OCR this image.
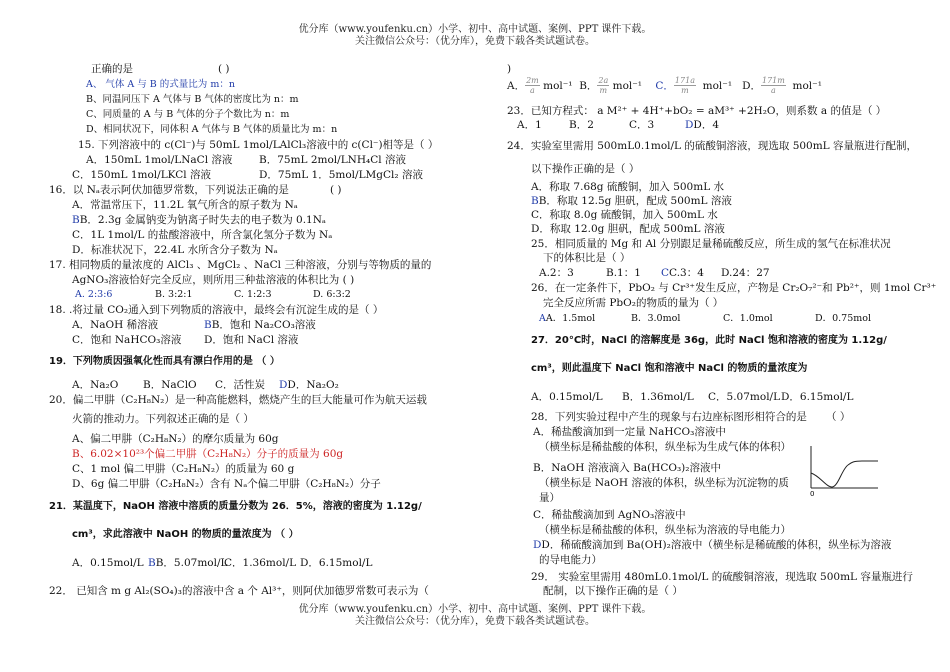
优分库（www.youfenku.cn）小学、初中、高中试题、案例、PPT 课件下载。
关注微信公众号：（优分库），免费下载各类试题试卷。
正确的是	( )
A、 气体 A 与 B 的式量比为 m：n
B、同温同压下 A 气体与 B 气体的密度比为 n：m
C、同质量的 A 与 B 气体的分子个数比为 n：m
D、相同状况下，同体积 A 气体与 B 气体的质量比为 m：n
15. 下列溶液中的 c(Cl⁻)与 50mL 1mol/LAlCl₃溶液中的 c(Cl⁻)相等是（ ）
A．150mL 1mol/LNaCl 溶液	B．75mL 2mol/LNH₄Cl 溶液
C．150mL 1mol/LKCl 溶液	D．75mL 1．5mol/LMgCl₂ 溶液
16．以 Nₐ表示阿伏加德罗常数，下列说法正确的是	( )
A．常温常压下，11.2L 氧气所含的原子数为 Nₐ
BB．2.3g 金属钠变为钠离子时失去的电子数为 0.1Nₐ
C．1L 1mol/L 的盐酸溶液中，所含氯化氢分子数为 Nₐ
D．标准状况下，22.4L 水所含分子数为 Nₐ
17. 相同物质的量浓度的 AlCl₃ 、MgCl₂ 、NaCl 三种溶液，分别与等物质的量的
AgNO₃溶液恰好完全反应，则所用三种盐溶液的体积比为 ( )
A. 2:3:6	B. 3:2:1	C. 1:2:3	D. 6:3:2
18. .将过量 CO₂通入到下列物质的溶液中，最终会有沉淀生成的是（ ）
A．NaOH 稀溶液	BB．饱和 Na₂CO₃溶液
C．饱和 NaHCO₃溶液 D．饱和 NaCl 溶液
19．下列物质因强氧化性而具有漂白作用的是 （ ）
A．Na₂O B．NaClO C．活性炭 DD．Na₂O₂
20．偏二甲肼（C₂H₈N₂）是一种高能燃料，燃烧产生的巨大能量可作为航天运载
火箭的推动力。下列叙述正确的是（ ）
A、偏二甲肼（C₂H₈N₂）的摩尔质量为 60g
B、6.02×10²³个偏二甲肼（C₂H₈N₂）分子的质量为 60g
C、1 mol 偏二甲肼（C₂H₈N₂）的质量为 60 g
D、6g 偏二甲肼（C₂H₈N₂）含有 Nₐ个偏二甲肼（C₂H₈N₂）分子
21．某温度下，NaOH 溶液中溶质的质量分数为 26．5%，溶液的密度为 1.12g/
cm³，求此溶液中 NaOH 的物质的量浓度为 （ ）
A．0.15mol/L BB．5.07mol/L
C．1.36mol/L D．6.15mol/L
22． 已知含 m g Al₂(SO₄)₃的溶液中含 a 个 Al³⁺，则阿伏加德罗常数可表示为（
)
A． $\frac{2m}{a} mol^{-1}$ B． $\frac{2a}{m} mol^{-1}$ C． $\frac{171a}{m} mol^{-1}$ D． $\frac{171m}{a} mol^{-1}$
23．已知方程式： a M²⁺ + 4H⁺+bO₂ = aM³⁺ +2H₂O，则系数 a 的值是（ ）
A．1	B．2	C．3	DD．4
24．实验室里需用 500mL0.1mol/L 的硫酸铜溶液，现选取 500mL 容量瓶进行配制，
以下操作正确的是（ ）
A．称取 7.68g 硫酸铜，加入 500mL 水
BB．称取 12.5g 胆矾，配成 500mL 溶液
C．称取 8.0g 硫酸铜，加入 500mL 水
D．称取 12.0g 胆矾，配成 500mL 溶液
25．相同质量的 Mg 和 Al 分别跟足量稀硫酸反应，所生成的氢气在标准状况
下的体积比是（ ）
A.2：3	B.1：1 CC.3：4 D.24：27
26．在一定条件下，PbO₂ 与 Cr³⁺发生反应，产物是 Cr₂O₇²⁻和 Pb²⁺，则 1mol Cr³⁺
完全反应所需 PbO₂的物质的量为（ ）
AA．1.5mol	B．3.0mol	C．1.0mol	D．0.75mol
27．20°C时，NaCl 的溶解度是 36g，此时 NaCl 饱和溶液的密度为 1.12g/
cm³，则此温度下 NaCl 饱和溶液中 NaCl 的物质的量浓度为
A．0.15mol/L B．1.36mol/L C．5.07mol/L D．6.15mol/L
28．下列实验过程中产生的现象与右边座标图形相符合的是 （ ）
A．稀盐酸滴加到一定量 NaHCO₃溶液中
（横坐标是稀盐酸的体积，纵坐标为生成气体的体积）
B．NaOH 溶液滴入 Ba(HCO₃)₂溶液中
（横坐标是 NaOH 溶液的体积，纵坐标为沉淀物的质
量）
C．稀盐酸滴加到 AgNO₃溶液中
（横坐标是稀盐酸的体积，纵坐标为溶液的导电能力）
DD．稀硫酸滴加到 Ba(OH)₂溶液中（横坐标是稀硫酸的体积，纵坐标为溶液
的导电能力）
0
29． 实验室里需用 480mL0.1mol/L 的硫酸铜溶液，现选取 500mL 容量瓶进行
配制，以下操作正确的是（ ）
优分库（www.youfenku.cn）小学、初中、高中试题、案例、PPT 课件下载。
关注微信公众号：（优分库），免费下载各类试题试卷。
